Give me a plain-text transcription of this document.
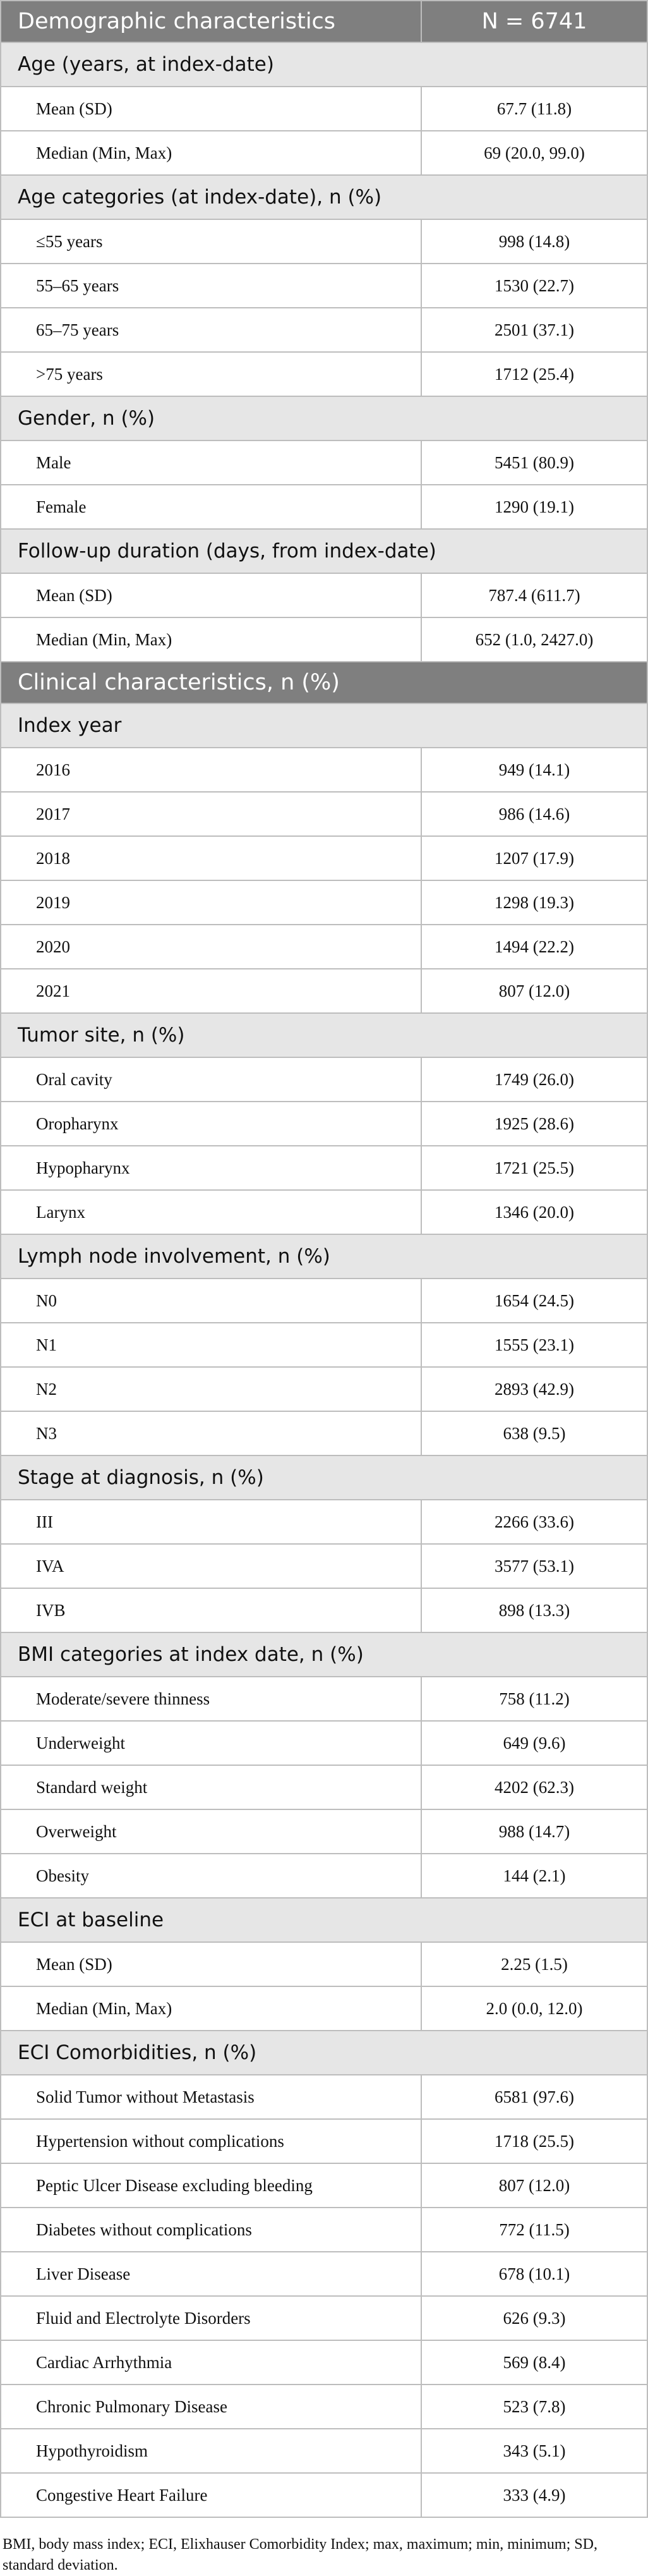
Demographic characteristics	N = 6741
Age (years, at index-date)	
Mean (SD)	67.7 (11.8)
Median (Min, Max)	69 (20.0, 99.0)
Age categories (at index-date), n (%)	
≤55 years	998 (14.8)
55–65 years	1530 (22.7)
65–75 years	2501 (37.1)
>75 years	1712 (25.4)
Gender, n (%)	
Male	5451 (80.9)
Female	1290 (19.1)
Follow-up duration (days, from index-date)	
Mean (SD)	787.4 (611.7)
Median (Min, Max)	652 (1.0, 2427.0)
Clinical characteristics, n (%)	
Index year	
2016	949 (14.1)
2017	986 (14.6)
2018	1207 (17.9)
2019	1298 (19.3)
2020	1494 (22.2)
2021	807 (12.0)
Tumor site, n (%)	
Oral cavity	1749 (26.0)
Oropharynx	1925 (28.6)
Hypopharynx	1721 (25.5)
Larynx	1346 (20.0)
Lymph node involvement, n (%)	
N0	1654 (24.5)
N1	1555 (23.1)
N2	2893 (42.9)
N3	638 (9.5)
Stage at diagnosis, n (%)	
III	2266 (33.6)
IVA	3577 (53.1)
IVB	898 (13.3)
BMI categories at index date, n (%)	
Moderate/severe thinness	758 (11.2)
Underweight	649 (9.6)
Standard weight	4202 (62.3)
Overweight	988 (14.7)
Obesity	144 (2.1)
ECI at baseline	
Mean (SD)	2.25 (1.5)
Median (Min, Max)	2.0 (0.0, 12.0)
ECI Comorbidities, n (%)	
Solid Tumor without Metastasis	6581 (97.6)
Hypertension without complications	1718 (25.5)
Peptic Ulcer Disease excluding bleeding	807 (12.0)
Diabetes without complications	772 (11.5)
Liver Disease	678 (10.1)
Fluid and Electrolyte Disorders	626 (9.3)
Cardiac Arrhythmia	569 (8.4)
Chronic Pulmonary Disease	523 (7.8)
Hypothyroidism	343 (5.1)
Congestive Heart Failure	333 (4.9)
BMI, body mass index; ECI, Elixhauser Comorbidity Index; max, maximum; min, minimum; SD, standard deviation.
